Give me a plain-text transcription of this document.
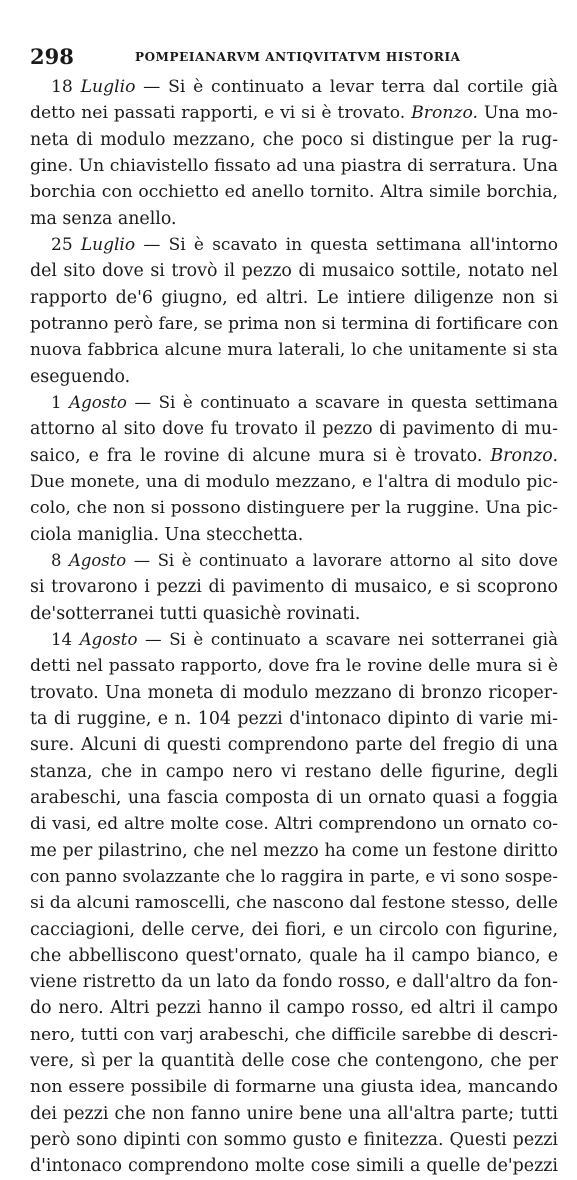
298	POMPEIANARVM ANTIQVITATVM HISTORIA
18 Luglio — Si è continuato a levar terra dal cortile già
detto nei passati rapporti, e vi si è trovato. Bronzo. Una mo-
neta di modulo mezzano, che poco si distingue per la rug-
gine. Un chiavistello fissato ad una piastra di serratura. Una
borchia con occhietto ed anello tornito. Altra simile borchia,
ma senza anello.
25 Luglio — Si è scavato in questa settimana all'intorno
del sito dove si trovò il pezzo di musaico sottile, notato nel
rapporto de'6 giugno, ed altri. Le intiere diligenze non si
potranno però fare, se prima non si termina di fortificare con
nuova fabbrica alcune mura laterali, lo che unitamente si sta
eseguendo.
1 Agosto — Si è continuato a scavare in questa settimana
attorno al sito dove fu trovato il pezzo di pavimento di mu-
saico, e fra le rovine di alcune mura si è trovato. Bronzo.
Due monete, una di modulo mezzano, e l'altra di modulo pic-
colo, che non si possono distinguere per la ruggine. Una pic-
ciola maniglia. Una stecchetta.
8 Agosto — Si è continuato a lavorare attorno al sito dove
si trovarono i pezzi di pavimento di musaico, e si scoprono
de'sotterranei tutti quasichè rovinati.
14 Agosto — Si è continuato a scavare nei sotterranei già
detti nel passato rapporto, dove fra le rovine delle mura si è
trovato. Una moneta di modulo mezzano di bronzo ricoper-
ta di ruggine, e n. 104 pezzi d'intonaco dipinto di varie mi-
sure. Alcuni di questi comprendono parte del fregio di una
stanza, che in campo nero vi restano delle figurine, degli
arabeschi, una fascia composta di un ornato quasi a foggia
di vasi, ed altre molte cose. Altri comprendono un ornato co-
me per pilastrino, che nel mezzo ha come un festone diritto
con panno svolazzante che lo raggira in parte, e vi sono sospe-
si da alcuni ramoscelli, che nascono dal festone stesso, delle
cacciagioni, delle cerve, dei fiori, e un circolo con figurine,
che abbelliscono quest'ornato, quale ha il campo bianco, e
viene ristretto da un lato da fondo rosso, e dall'altro da fon-
do nero. Altri pezzi hanno il campo rosso, ed altri il campo
nero, tutti con varj arabeschi, che difficile sarebbe di descri-
vere, sì per la quantità delle cose che contengono, che per
non essere possibile di formarne una giusta idea, mancando
dei pezzi che non fanno unire bene una all'altra parte; tutti
però sono dipinti con sommo gusto e finitezza. Questi pezzi
d'intonaco comprendono molte cose simili a quelle de'pezzi
